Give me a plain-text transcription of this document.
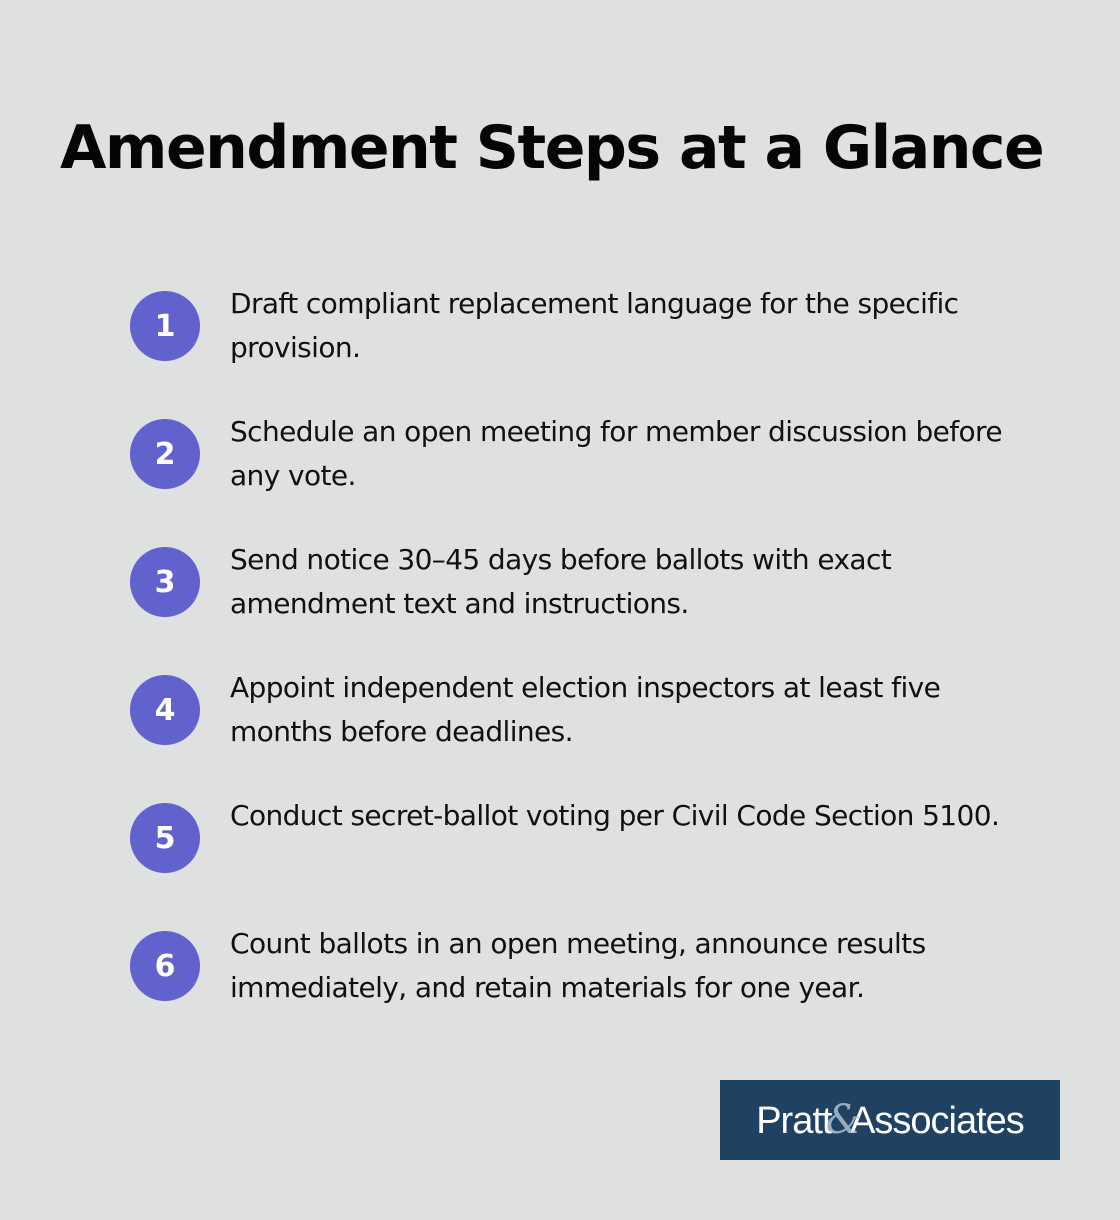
Amendment Steps at a Glance
1
Draft compliant replacement language for the specific provision.
2
Schedule an open meeting for member discussion before any vote.
3
Send notice 30–45 days before ballots with exact amendment text and instructions.
4
Appoint independent election inspectors at least five months before deadlines.
5
Conduct secret-ballot voting per Civil Code Section 5100.
6
Count ballots in an open meeting, announce results immediately, and retain materials for one year.
Pratt&Associates
